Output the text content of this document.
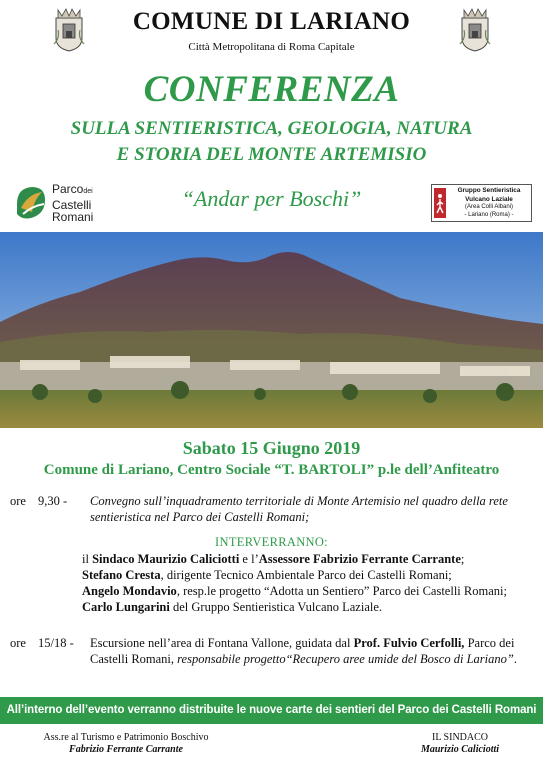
COMUNE DI LARIANO
Città Metropolitana di Roma Capitale
CONFERENZA
SULLA SENTIERISTICA, GEOLOGIA, NATURA
E STORIA DEL MONTE ARTEMISIO
Parcodei
Castelli
Romani
“Andar per Boschi”	Gruppo Sentieristica
Vulcano Laziale
(Area Colli Albani)
- Lariano (Roma) -
Sabato 15 Giugno 2019
Comune di Lariano, Centro Sociale “T. BARTOLI” p.le dell’Anfiteatro
ore 9,30 - Convegno sull’inquadramento territoriale di Monte Artemisio nel quadro della rete sentieristica nel Parco dei Castelli Romani;
INTERVERRANNO:
il Sindaco Maurizio Caliciotti e l’Assessore Fabrizio Ferrante Carrante;
Stefano Cresta, dirigente Tecnico Ambientale Parco dei Castelli Romani;
Angelo Mondavio, resp.le progetto “Adotta un Sentiero” Parco dei Castelli Romani;
Carlo Lungarini del Gruppo Sentieristica Vulcano Laziale.
ore 15/18 - Escursione nell’area di Fontana Vallone, guidata dal Prof. Fulvio Cerfolli, Parco dei Castelli Romani, responsabile progetto“Recupero aree umide del Bosco di Lariano”.
All’interno dell’evento verranno distribuite le nuove carte dei sentieri del Parco dei Castelli Romani
Ass.re al Turismo e Patrimonio Boschivo
Fabrizio Ferrante Carrante
IL SINDACO
Maurizio Caliciotti
